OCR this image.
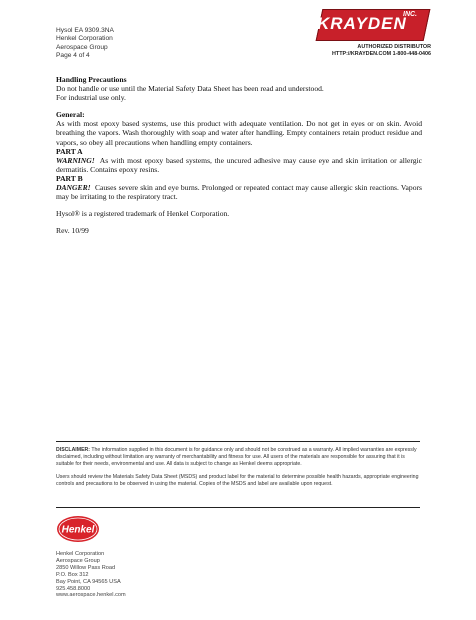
Hysol EA 9309.3NA
Henkel Corporation
Aerospace Group
Page 4 of 4
KRAYDEN
INC.
AUTHORIZED DISTRIBUTOR
HTTP://KRAYDEN.COM 1-800-448-0406

Handling Precautions

Do not handle or use until the Material Safety Data Sheet has been read and understood.

For industrial use only.

General:

As with most epoxy based systems, use this product with adequate ventilation. Do not get in eyes or on skin. Avoid breathing the vapors. Wash thoroughly with soap and water after handling. Empty containers retain product residue and vapors, so obey all precautions when handling empty containers.

PART A

WARNING! As with most epoxy based systems, the uncured adhesive may cause eye and skin irritation or allergic dermatitis. Contains epoxy resins.

PART B

DANGER! Causes severe skin and eye burns. Prolonged or repeated contact may cause allergic skin reactions. Vapors may be irritating to the respiratory tract.

Hysol® is a registered trademark of Henkel Corporation.

Rev. 10/99

DISCLAIMER: The information supplied in this document is for guidance only and should not be construed as a warranty. All implied warranties are expressly disclaimed, including without limitation any warranty of merchantability and fitness for use. All users of the materials are responsible for assuring that it is suitable for their needs, environmental and use. All data is subject to change as Henkel deems appropriate.

Users should review the Materials Safety Data Sheet (MSDS) and product label for the material to determine possible health hazards, appropriate engineering controls and precautions to be observed in using the material. Copies of the MSDS and label are available upon request.

Henkel
Henkel Corporation
Aerospace Group
2850 Willow Pass Road
P.O. Box 312
Bay Point, CA 94565 USA
925.458.8000
www.aerospace.henkel.com
